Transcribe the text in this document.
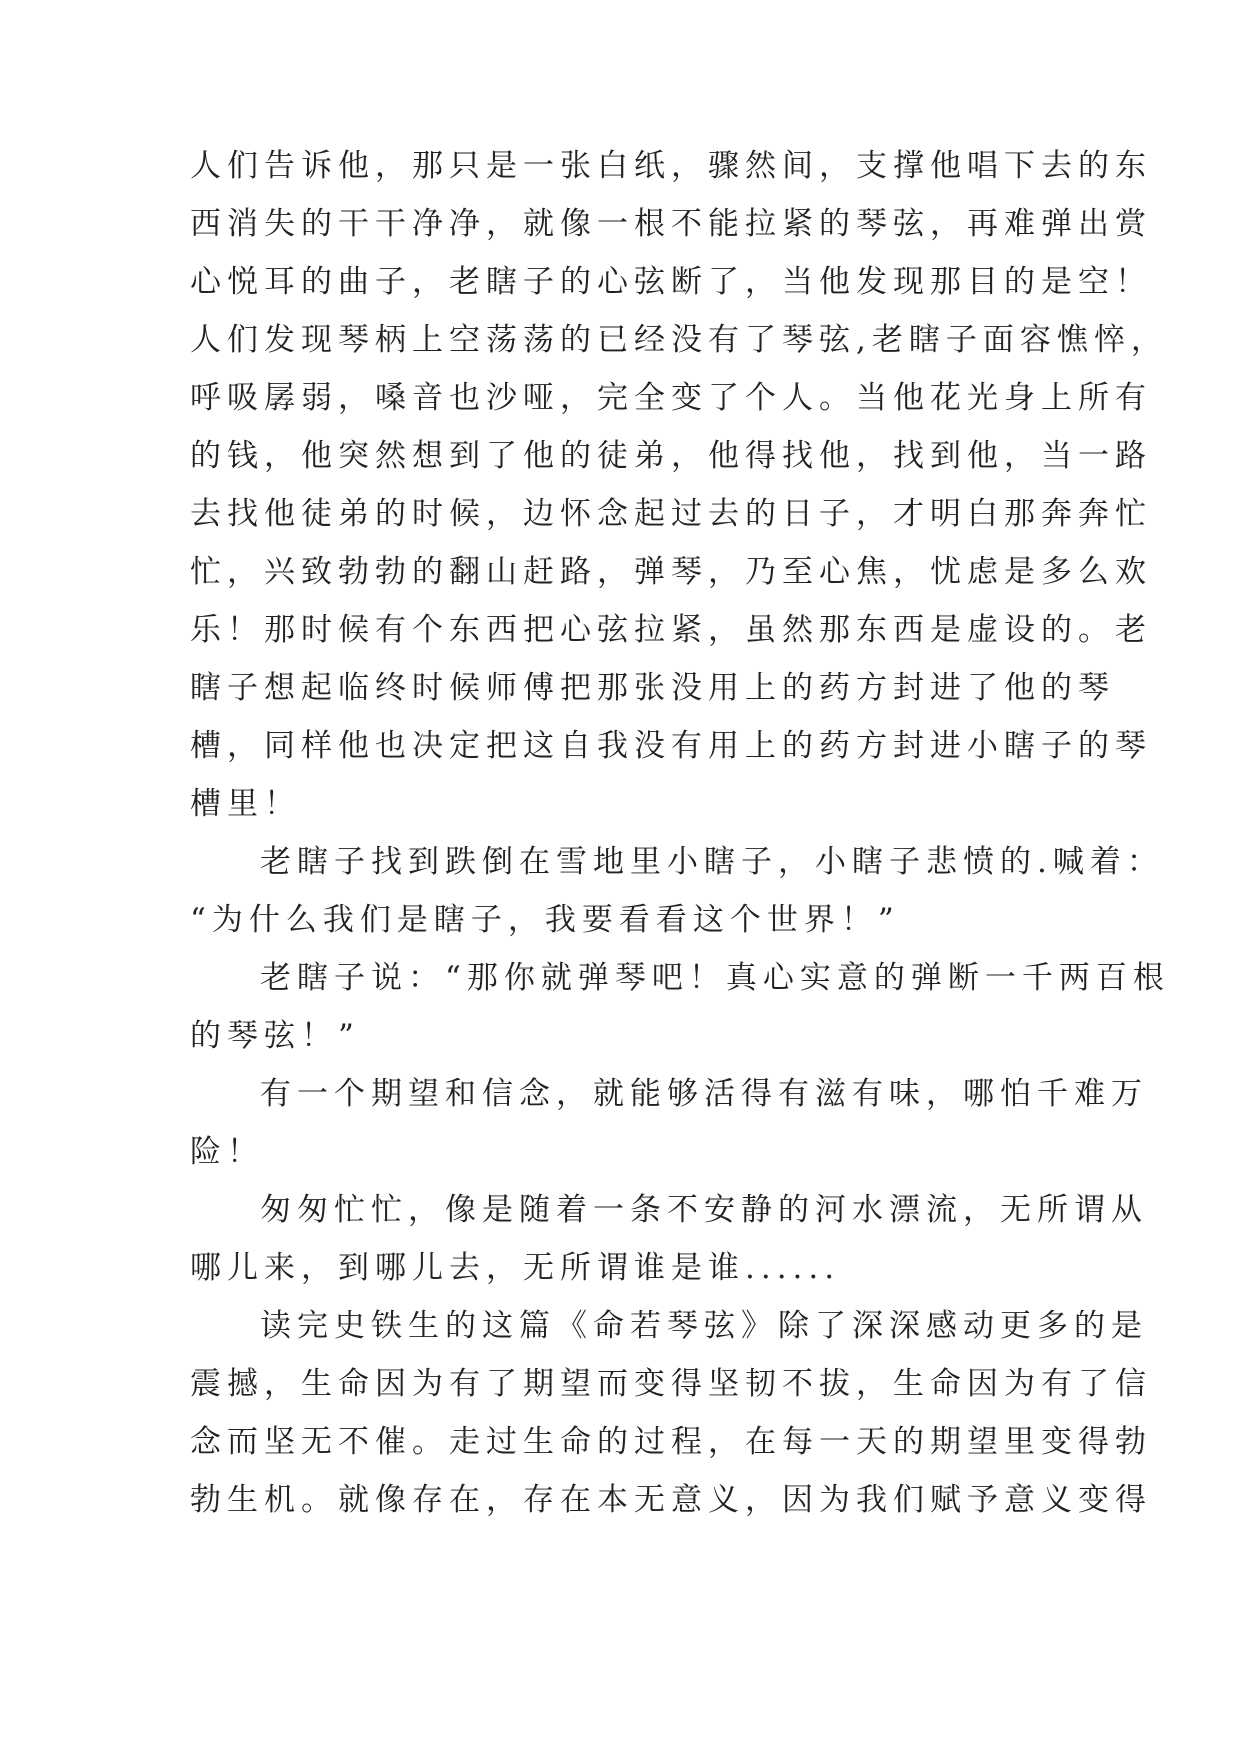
人们告诉他，那只是一张白纸，骤然间，支撑他唱下去的东
西消失的干干净净，就像一根不能拉紧的琴弦，再难弹出赏
心悦耳的曲子，老瞎子的心弦断了，当他发现那目的是空！
人们发现琴柄上空荡荡的已经没有了琴弦,老瞎子面容憔悴，
呼吸孱弱，嗓音也沙哑，完全变了个人。当他花光身上所有
的钱，他突然想到了他的徒弟，他得找他，找到他，当一路
去找他徒弟的时候，边怀念起过去的日子，才明白那奔奔忙
忙，兴致勃勃的翻山赶路，弹琴，乃至心焦，忧虑是多么欢
乐！那时候有个东西把心弦拉紧，虽然那东西是虚设的。老
瞎子想起临终时候师傅把那张没用上的药方封进了他的琴
槽，同样他也决定把这自我没有用上的药方封进小瞎子的琴
槽里！
老瞎子找到跌倒在雪地里小瞎子，小瞎子悲愤的.喊着：
“为什么我们是瞎子，我要看看这个世界！”
老瞎子说：“那你就弹琴吧！真心实意的弹断一千两百根
的琴弦！”
有一个期望和信念，就能够活得有滋有味，哪怕千难万
险！
匆匆忙忙，像是随着一条不安静的河水漂流，无所谓从
哪儿来，到哪儿去，无所谓谁是谁......
读完史铁生的这篇《命若琴弦》除了深深感动更多的是
震撼，生命因为有了期望而变得坚韧不拔，生命因为有了信
念而坚无不催。走过生命的过程，在每一天的期望里变得勃
勃生机。就像存在，存在本无意义，因为我们赋予意义变得
